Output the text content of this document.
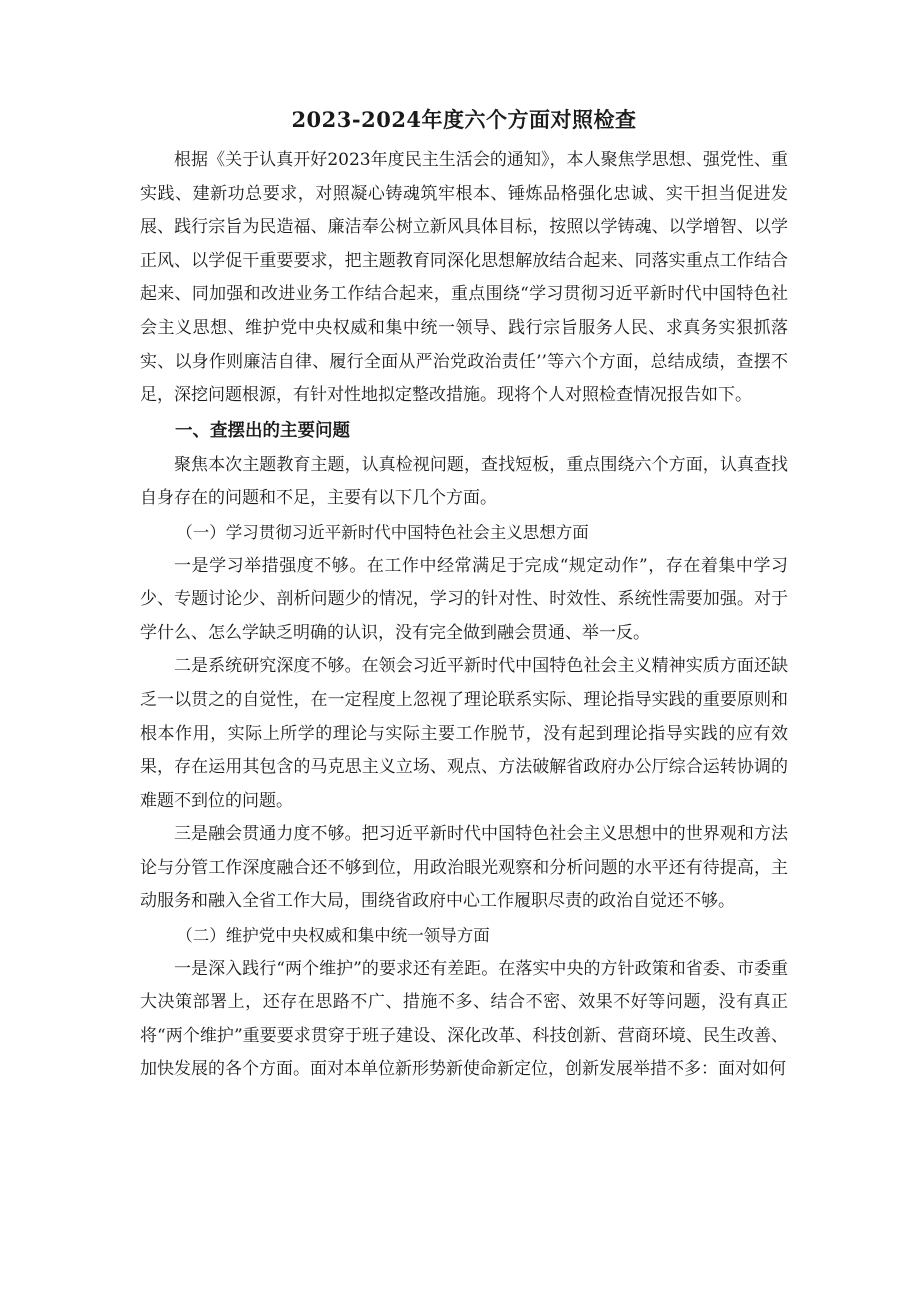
2023-2024年度六个方面对照检查

根据《关于认真开好2023年度民主生活会的通知》，本人聚焦学思想、强党性、重实践、建新功总要求，对照凝心铸魂筑牢根本、锤炼品格强化忠诚、实干担当促进发展、践行宗旨为民造福、廉洁奉公树立新风具体目标，按照以学铸魂、以学增智、以学正风、以学促干重要要求，把主题教育同深化思想解放结合起来、同落实重点工作结合起来、同加强和改进业务工作结合起来，重点围绕“学习贯彻习近平新时代中国特色社会主义思想、维护党中央权威和集中统一领导、践行宗旨服务人民、求真务实狠抓落实、以身作则廉洁自律、履行全面从严治党政治责任’’等六个方面，总结成绩，查摆不足，深挖问题根源，有针对性地拟定整改措施。现将个人对照检查情况报告如下。

一、查摆出的主要问题

聚焦本次主题教育主题，认真检视问题，查找短板，重点围绕六个方面，认真查找自身存在的问题和不足，主要有以下几个方面。

（一）学习贯彻习近平新时代中国特色社会主义思想方面

一是学习举措强度不够。在工作中经常满足于完成“规定动作”，存在着集中学习少、专题讨论少、剖析问题少的情况，学习的针对性、时效性、系统性需要加强。对于学什么、怎么学缺乏明确的认识，没有完全做到融会贯通、举一反。

二是系统研究深度不够。在领会习近平新时代中国特色社会主义精神实质方面还缺乏一以贯之的自觉性，在一定程度上忽视了理论联系实际、理论指导实践的重要原则和根本作用，实际上所学的理论与实际主要工作脱节，没有起到理论指导实践的应有效果，存在运用其包含的马克思主义立场、观点、方法破解省政府办公厅综合运转协调的难题不到位的问题。

三是融会贯通力度不够。把习近平新时代中国特色社会主义思想中的世界观和方法论与分管工作深度融合还不够到位，用政治眼光观察和分析问题的水平还有待提高，主动服务和融入全省工作大局，围绕省政府中心工作履职尽责的政治自觉还不够。

（二）维护党中央权威和集中统一领导方面

一是深入践行“两个维护”的要求还有差距。在落实中央的方针政策和省委、市委重大决策部署上，还存在思路不广、措施不多、结合不密、效果不好等问题，没有真正将“两个维护”重要要求贯穿于班子建设、深化改革、科技创新、营商环境、民生改善、加快发展的各个方面。面对本单位新形势新使命新定位，创新发展举措不多：面对如何
